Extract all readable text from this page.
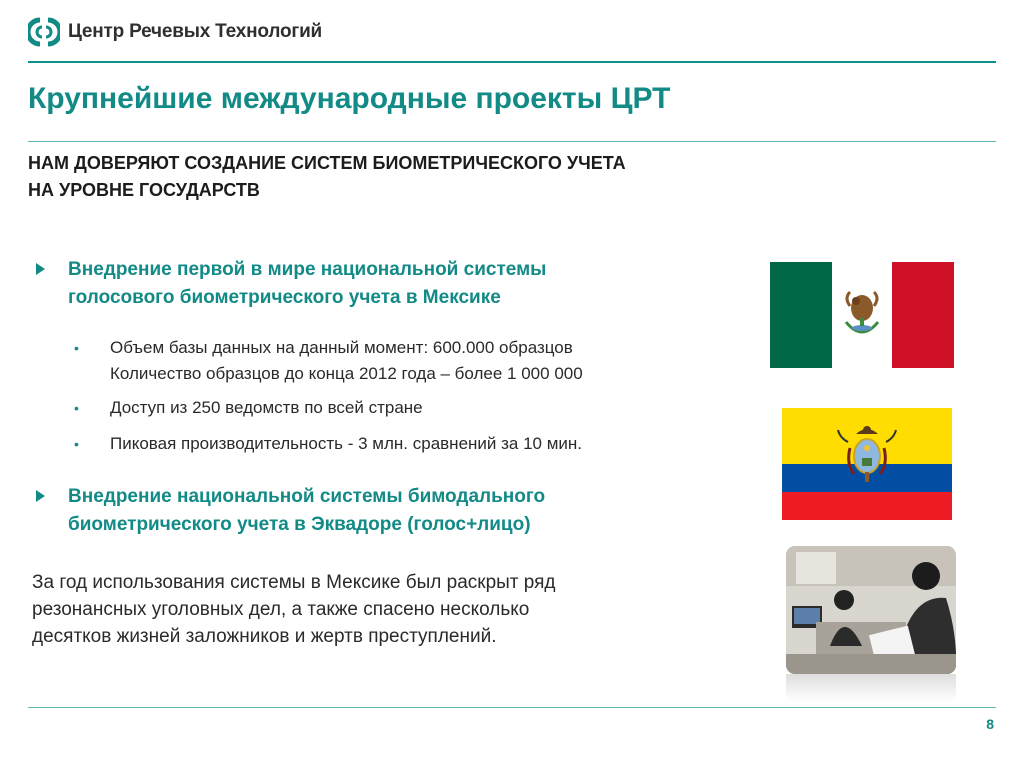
Центр Речевых Технологий
Крупнейшие международные проекты ЦРТ
НАМ ДОВЕРЯЮТ СОЗДАНИЕ СИСТЕМ БИОМЕТРИЧЕСКОГО УЧЕТА
НА УРОВНЕ ГОСУДАРСТВ
Внедрение первой в мире национальной системы
голосового биометрического учета в Мексике
• Объем базы данных на данный момент: 600.000 образцов
Количество образцов до конца 2012 года – более 1 000 000
• Доступ из 250 ведомств по всей стране
• Пиковая производительность - 3 млн. сравнений за 10 мин.
Внедрение национальной системы бимодального
биометрического учета в Эквадоре (голос+лицо)
За год использования системы в Мексике был раскрыт ряд
резонансных уголовных дел, а также спасено несколько
десятков жизней заложников и жертв преступлений.
8
